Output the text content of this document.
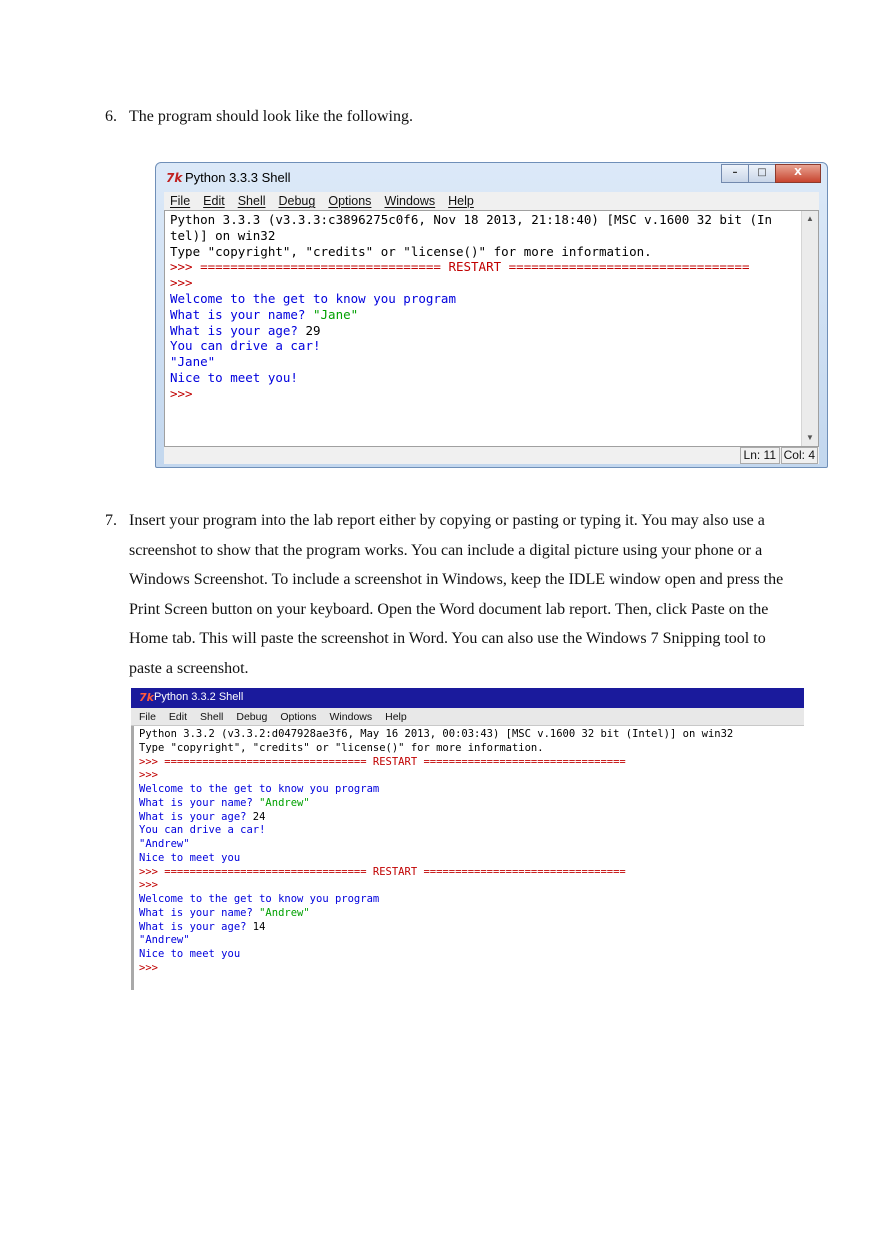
6. The program should look like the following.
7k Python 3.3.3 Shell	–	□	X
File Edit Shell Debug Options Windows Help
Python 3.3.3 (v3.3.3:c3896275c0f6, Nov 18 2013, 21:18:40) [MSC v.1600 32 bit (In
tel)] on win32
Type "copyright", "credits" or "license()" for more information.
>>> ================================ RESTART ================================
>>>
Welcome to the get to know you program
What is your name? "Jane"
What is your age? 29
You can drive a car!
"Jane"
Nice to meet you!
>>>
▲
▼
Ln: 11 Col: 4
7. Insert your program into the lab report either by copying or pasting or typing it. You may also use a screenshot to show that the program works. You can include a digital picture using your phone or a Windows Screenshot. To include a screenshot in Windows, keep the IDLE window open and press the Print Screen button on your keyboard. Open the Word document lab report. Then, click Paste on the Home tab. This will paste the screenshot in Word. You can also use the Windows 7 Snipping tool to paste a screenshot.
7k Python 3.3.2 Shell
File Edit Shell Debug Options Windows Help
Python 3.3.2 (v3.3.2:d047928ae3f6, May 16 2013, 00:03:43) [MSC v.1600 32 bit (Intel)] on win32
Type "copyright", "credits" or "license()" for more information.
>>> ================================ RESTART ================================
>>>
Welcome to the get to know you program
What is your name? "Andrew"
What is your age? 24
You can drive a car!
"Andrew"
Nice to meet you
>>> ================================ RESTART ================================
>>>
Welcome to the get to know you program
What is your name? "Andrew"
What is your age? 14
"Andrew"
Nice to meet you
>>>
